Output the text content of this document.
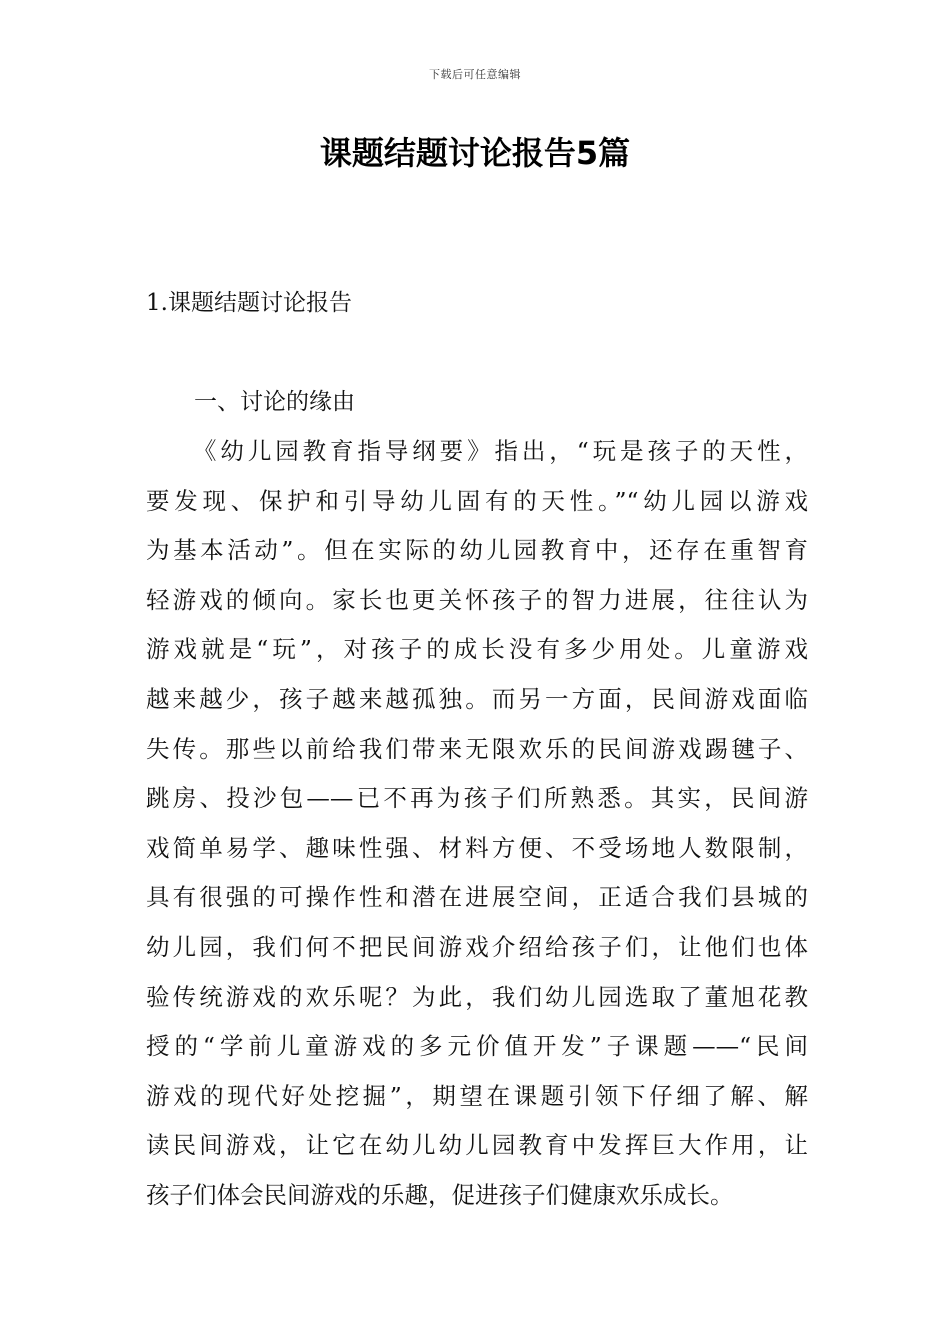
下载后可任意编辑
课题结题讨论报告5篇
1.课题结题讨论报告
一、讨论的缘由
《幼儿园教育指导纲要》指出，“玩是孩子的天性，
要发现、保护和引导幼儿固有的天性。”“幼儿园以游戏
为基本活动”。但在实际的幼儿园教育中，还存在重智育
轻游戏的倾向。家长也更关怀孩子的智力进展，往往认为
游戏就是“玩”，对孩子的成长没有多少用处。儿童游戏
越来越少，孩子越来越孤独。而另一方面，民间游戏面临
失传。那些以前给我们带来无限欢乐的民间游戏踢毽子、
跳房、投沙包——已不再为孩子们所熟悉。其实，民间游
戏简单易学、趣味性强、材料方便、不受场地人数限制，
具有很强的可操作性和潜在进展空间，正适合我们县城的
幼儿园，我们何不把民间游戏介绍给孩子们，让他们也体
验传统游戏的欢乐呢？为此，我们幼儿园选取了董旭花教
授的“学前儿童游戏的多元价值开发”子课题——“民间
游戏的现代好处挖掘”，期望在课题引领下仔细了解、解
读民间游戏，让它在幼儿幼儿园教育中发挥巨大作用，让
孩子们体会民间游戏的乐趣，促进孩子们健康欢乐成长。
